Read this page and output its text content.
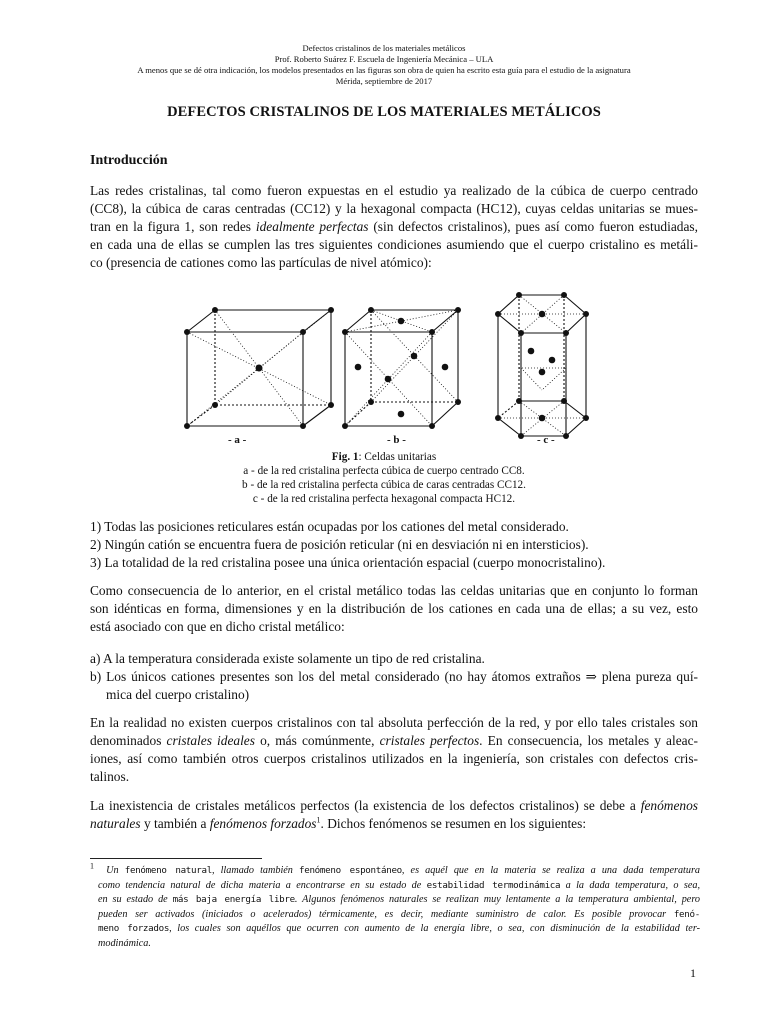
Defectos cristalinos de los materiales metálicos
Prof. Roberto Suárez F. Escuela de Ingeniería Mecánica – ULA
A menos que se dé otra indicación, los modelos presentados en las figuras son obra de quien ha escrito esta guía para el estudio de la asignatura
Mérida, septiembre de 2017
DEFECTOS CRISTALINOS DE LOS MATERIALES METÁLICOS
Introducción
Las redes cristalinas, tal como fueron expuestas en el estudio ya realizado de la cúbica de cuerpo centrado
(CC8), la cúbica de caras centradas (CC12) y la hexagonal compacta (HC12), cuyas celdas unitarias se mues-
tran en la figura 1, son redes idealmente perfectas (sin defectos cristalinos), pues así como fueron estudiadas,
en cada una de ellas se cumplen las tres siguientes condiciones asumiendo que el cuerpo cristalino es metáli-
co (presencia de cationes como las partículas de nivel atómico):
- a -	- b -	- c -
Fig. 1: Celdas unitarias
a - de la red cristalina perfecta cúbica de cuerpo centrado CC8.
b - de la red cristalina perfecta cúbica de caras centradas CC12.
c - de la red cristalina perfecta hexagonal compacta HC12.
1) Todas las posiciones reticulares están ocupadas por los cationes del metal considerado.
2) Ningún catión se encuentra fuera de posición reticular (ni en desviación ni en intersticios).
3) La totalidad de la red cristalina posee una única orientación espacial (cuerpo monocristalino).
Como consecuencia de lo anterior, en el cristal metálico todas las celdas unitarias que en conjunto lo forman
son idénticas en forma, dimensiones y en la distribución de los cationes en cada una de ellas; a su vez, esto
está asociado con que en dicho cristal metálico:
a) A la temperatura considerada existe solamente un tipo de red cristalina.
b) Los únicos cationes presentes son los del metal considerado (no hay átomos extraños ⇒ plena pureza quí-
mica del cuerpo cristalino)
En la realidad no existen cuerpos cristalinos con tal absoluta perfección de la red, y por ello tales cristales son
denominados cristales ideales o, más comúnmente, cristales perfectos. En consecuencia, los metales y aleac-
iones, así como también otros cuerpos cristalinos utilizados en la ingeniería, son cristales con defectos cris-
talinos.
La inexistencia de cristales metálicos perfectos (la existencia de los defectos cristalinos) se debe a fenómenos
naturales y también a fenómenos forzados$^1$. Dichos fenómenos se resumen en los siguientes:
$^1$ Un fenómeno natural, llamado también fenómeno espontáneo, es aquél que en la materia se realiza a una dada temperatura
como tendencia natural de dicha materia a encontrarse en su estado de estabilidad termodinámica a la dada temperatura, o sea,
en su estado de más baja energía libre. Algunos fenómenos naturales se realizan muy lentamente a la temperatura ambiental, pero
pueden ser activados (iniciados o acelerados) térmicamente, es decir, mediante suministro de calor. Es posible provocar fenó-
meno forzados, los cuales son aquéllos que ocurren con aumento de la energía libre, o sea, con disminución de la estabilidad ter-
modinámica.
1
